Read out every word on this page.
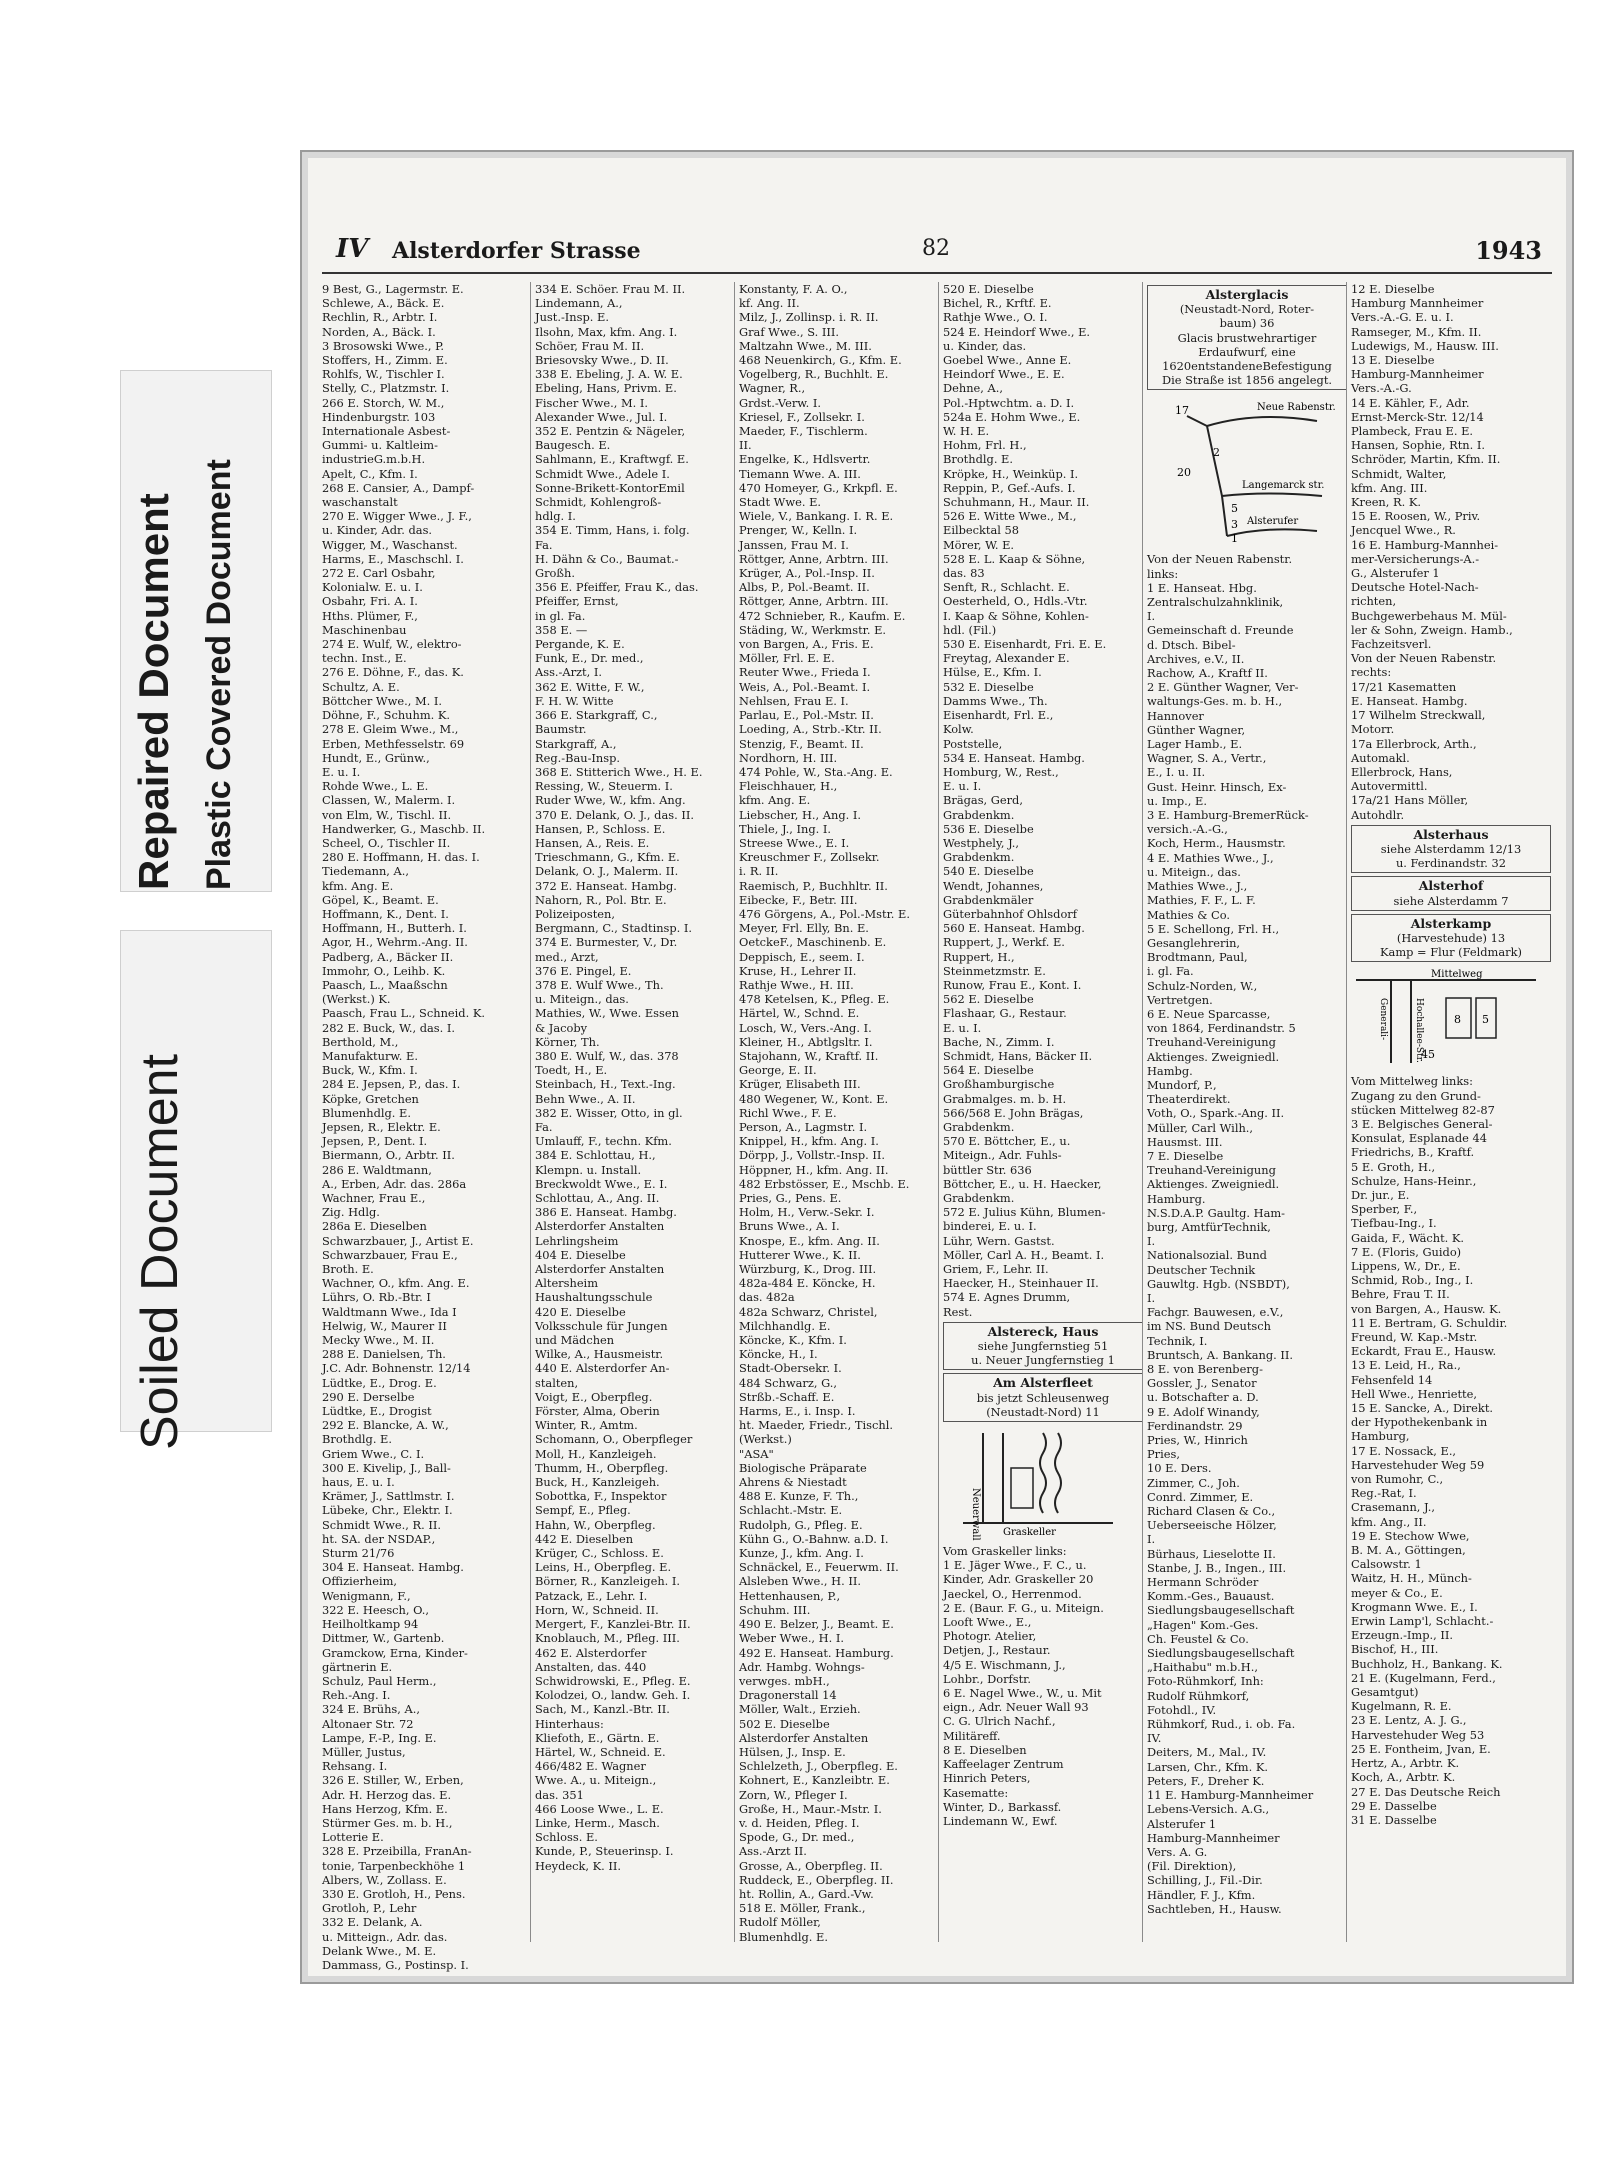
Repaired Document Plastic Covered Document
Soiled Document
IV Alsterdorfer Strasse	82	1943
9 Best, G., Lagermstr. E.
Schlewe, A., Bäck. E.
Rechlin, R., Arbtr. I.
Norden, A., Bäck. I.
3 Brosowski Wwe., P.
Stoffers, H., Zimm. E.
Rohlfs, W., Tischler I.
Stelly, C., Platzmstr. I.
266 E. Storch, W. M.,
Hindenburgstr. 103
Internationale Asbest-
Gummi- u. Kaltleim-
industrieG.m.b.H.
Apelt, C., Kfm. I.
268 E. Cansier, A., Dampf-
waschanstalt
270 E. Wigger Wwe., J. F.,
u. Kinder, Adr. das.
Wigger, M., Waschanst.
Harms, E., Maschschl. I.
272 E. Carl Osbahr,
Kolonialw. E. u. I.
Osbahr, Fri. A. I.
Hths. Plümer, F.,
Maschinenbau
274 E. Wulf, W., elektro-
techn. Inst., E.
276 E. Döhne, F., das. K.
Schultz, A. E.
Böttcher Wwe., M. I.
Döhne, F., Schuhm. K.
278 E. Gleim Wwe., M.,
Erben, Methfesselstr. 69
Hundt, E., Grünw.,
E. u. I.
Rohde Wwe., L. E.
Classen, W., Malerm. I.
von Elm, W., Tischl. II.
Handwerker, G., Maschb. II.
Scheel, O., Tischler II.
280 E. Hoffmann, H. das. I.
Tiedemann, A.,
kfm. Ang. E.
Göpel, K., Beamt. E.
Hoffmann, K., Dent. I.
Hoffmann, H., Butterh. I.
Agor, H., Wehrm.-Ang. II.
Padberg, A., Bäcker II.
Immohr, O., Leihb. K.
Paasch, L., Maaßschn
(Werkst.) K.
Paasch, Frau L., Schneid. K.
282 E. Buck, W., das. I.
Berthold, M.,
Manufakturw. E.
Buck, W., Kfm. I.
284 E. Jepsen, P., das. I.
Köpke, Gretchen
Blumenhdlg. E.
Jepsen, R., Elektr. E.
Jepsen, P., Dent. I.
Biermann, O., Arbtr. II.
286 E. Waldtmann,
A., Erben, Adr. das. 286a
Wachner, Frau E.,
Zig. Hdlg.
286a E. Dieselben
Schwarzbauer, J., Artist E.
Schwarzbauer, Frau E.,
Broth. E.
Wachner, O., kfm. Ang. E.
Lührs, O. Rb.-Btr. I
Waldtmann Wwe., Ida I
Helwig, W., Maurer II
Mecky Wwe., M. II.
288 E. Danielsen, Th.
J.C. Adr. Bohnenstr. 12/14
Lüdtke, E., Drog. E.
290 E. Derselbe
Lüdtke, E., Drogist
292 E. Blancke, A. W.,
Brothdlg. E.
Griem Wwe., C. I.
300 E. Kivelip, J., Ball-
haus, E. u. I.
Krämer, J., Sattlmstr. I.
Lübeke, Chr., Elektr. I.
Schmidt Wwe., R. II.
ht. SA. der NSDAP.,
Sturm 21/76
304 E. Hanseat. Hambg.
Offizierheim,
Wenigmann, F.,
322 E. Heesch, O.,
Heilholtkamp 94
Dittmer, W., Gartenb.
Gramckow, Erna, Kinder-
gärtnerin E.
Schulz, Paul Herm.,
Reh.-Ang. I.
324 E. Brühs, A.,
Altonaer Str. 72
Lampe, F.-P., Ing. E.
Müller, Justus,
Rehsang. I.
326 E. Stiller, W., Erben,
Adr. H. Herzog das. E.
Hans Herzog, Kfm. E.
Stürmer Ges. m. b. H.,
Lotterie E.
328 E. Przeibilla, FranAn-
tonie, Tarpenbeckhöhe 1
Albers, W., Zollass. E.
330 E. Grotloh, H., Pens.
Grotloh, P., Lehr
332 E. Delank, A.
u. Mitteign., Adr. das.
Delank Wwe., M. E.
Dammass, G., Postinsp. I.
334 E. Schöer. Frau M. II.
Lindemann, A.,
Just.-Insp. E.
Ilsohn, Max, kfm. Ang. I.
Schöer, Frau M. II.
Briesovsky Wwe., D. II.
338 E. Ebeling, J. A. W. E.
Ebeling, Hans, Privm. E.
Fischer Wwe., M. I.
Alexander Wwe., Jul. I.
352 E. Pentzin & Nägeler,
Baugesch. E.
Sahlmann, E., Kraftwgf. E.
Schmidt Wwe., Adele I.
Sonne-Brikett-KontorEmil
Schmidt, Kohlengroß-
hdlg. I.
354 E. Timm, Hans, i. folg.
Fa.
H. Dähn & Co., Baumat.-
Großh.
356 E. Pfeiffer, Frau K., das.
Pfeiffer, Ernst,
in gl. Fa.
358 E. —
Pergande, K. E.
Funk, E., Dr. med.,
Ass.-Arzt, I.
362 E. Witte, F. W.,
F. H. W. Witte
366 E. Starkgraff, C.,
Baumstr.
Starkgraff, A.,
Reg.-Bau-Insp.
368 E. Stitterich Wwe., H. E.
Ressing, W., Steuerm. I.
Ruder Wwe, W., kfm. Ang.
370 E. Delank, O. J., das. II.
Hansen, P., Schloss. E.
Hansen, A., Reis. E.
Trieschmann, G., Kfm. E.
Delank, O. J., Malerm. II.
372 E. Hanseat. Hambg.
Nahorn, R., Pol. Btr. E.
Polizeiposten,
Bergmann, C., Stadtinsp. I.
374 E. Burmester, V., Dr.
med., Arzt,
376 E. Pingel, E.
378 E. Wulf Wwe., Th.
u. Miteign., das.
Mathies, W., Wwe. Essen
& Jacoby
Körner, Th.
380 E. Wulf, W., das. 378
Toedt, H., E.
Steinbach, H., Text.-Ing.
Behn Wwe., A. II.
382 E. Wisser, Otto, in gl.
Fa.
Umlauff, F., techn. Kfm.
384 E. Schlottau, H.,
Klempn. u. Install.
Breckwoldt Wwe., E. I.
Schlottau, A., Ang. II.
386 E. Hanseat. Hambg.
Alsterdorfer Anstalten
Lehrlingsheim
404 E. Dieselbe
Alsterdorfer Anstalten
Altersheim
Haushaltungsschule
420 E. Dieselbe
Volksschule für Jungen
und Mädchen
Wilke, A., Hausmeistr.
440 E. Alsterdorfer An-
stalten,
Voigt, E., Oberpfleg.
Förster, Alma, Oberin
Winter, R., Amtm.
Schomann, O., Oberpfleger
Moll, H., Kanzleigeh.
Thumm, H., Oberpfleg.
Buck, H., Kanzleigeh.
Sobottka, F., Inspektor
Sempf, E., Pfleg.
Hahn, W., Oberpfleg.
442 E. Dieselben
Krüger, C., Schloss. E.
Leins, H., Oberpfleg. E.
Börner, R., Kanzleigeh. I.
Patzack, E., Lehr. I.
Horn, W., Schneid. II.
Mergert, F., Kanzlei-Btr. II.
Knoblauch, M., Pfleg. III.
462 E. Alsterdorfer
Anstalten, das. 440
Schwidrowski, E., Pfleg. E.
Kolodzei, O., landw. Geh. I.
Sach, M., Kanzl.-Btr. II.
Hinterhaus:
Kliefoth, E., Gärtn. E.
Härtel, W., Schneid. E.
466/482 E. Wagner
Wwe. A., u. Miteign.,
das. 351
466 Loose Wwe., L. E.
Linke, Herm., Masch.
Schloss. E.
Kunde, P., Steuerinsp. I.
Heydeck, K. II.
Konstanty, F. A. O.,
kf. Ang. II.
Milz, J., Zollinsp. i. R. II.
Graf Wwe., S. III.
Maltzahn Wwe., M. III.
468 Neuenkirch, G., Kfm. E.
Vogelberg, R., Buchhlt. E.
Wagner, R.,
Grdst.-Verw. I.
Kriesel, F., Zollsekr. I.
Maeder, F., Tischlerm.
II.
Engelke, K., Hdlsvertr.
Tiemann Wwe. A. III.
470 Homeyer, G., Krkpfl. E.
Stadt Wwe. E.
Wiele, V., Bankang. I. R. E.
Prenger, W., Kelln. I.
Janssen, Frau M. I.
Röttger, Anne, Arbtrn. III.
Krüger, A., Pol.-Insp. II.
Albs, P., Pol.-Beamt. II.
Röttger, Anne, Arbtrn. III.
472 Schnieber, R., Kaufm. E.
Städing, W., Werkmstr. E.
von Bargen, A., Fris. E.
Möller, Frl. E. E.
Reuter Wwe., Frieda I.
Weis, A., Pol.-Beamt. I.
Nehlsen, Frau E. I.
Parlau, E., Pol.-Mstr. II.
Loeding, A., Strb.-Ktr. II.
Stenzig, F., Beamt. II.
Nordhorn, H. III.
474 Pohle, W., Sta.-Ang. E.
Fleischhauer, H.,
kfm. Ang. E.
Liebscher, H., Ang. I.
Thiele, J., Ing. I.
Streese Wwe., E. I.
Kreuschmer F., Zollsekr.
i. R. II.
Raemisch, P., Buchhltr. II.
Eibecke, F., Betr. III.
476 Görgens, A., Pol.-Mstr. E.
Meyer, Frl. Elly, Bn. E.
OetckeF., Maschinenb. E.
Deppisch, E., seem. I.
Kruse, H., Lehrer II.
Rathje Wwe., H. III.
478 Ketelsen, K., Pfleg. E.
Härtel, W., Schnd. E.
Losch, W., Vers.-Ang. I.
Kleiner, H., Abtlgsltr. I.
Stajohann, W., Kraftf. II.
George, E. II.
Krüger, Elisabeth III.
480 Wegener, W., Kont. E.
Richl Wwe., F. E.
Person, A., Lagmstr. I.
Knippel, H., kfm. Ang. I.
Dörpp, J., Vollstr.-Insp. II.
Höppner, H., kfm. Ang. II.
482 Erbstösser, E., Mschb. E.
Pries, G., Pens. E.
Holm, H., Verw.-Sekr. I.
Bruns Wwe., A. I.
Knospe, E., kfm. Ang. II.
Hutterer Wwe., K. II.
Würzburg, K., Drog. III.
482a-484 E. Köncke, H.
das. 482a
482a Schwarz, Christel,
Milchhandlg. E.
Köncke, K., Kfm. I.
Köncke, H., I.
Stadt-Obersekr. I.
484 Schwarz, G.,
Strßb.-Schaff. E.
Harms, E., i. Insp. I.
ht. Maeder, Friedr., Tischl.
(Werkst.)
"ASA"
Biologische Präparate
Ahrens & Niestadt
488 E. Kunze, F. Th.,
Schlacht.-Mstr. E.
Rudolph, G., Pfleg. E.
Kühn G., O.-Bahnw. a.D. I.
Kunze, J., kfm. Ang. I.
Schnäckel, E., Feuerwm. II.
Alsleben Wwe., H. II.
Hettenhausen, P.,
Schuhm. III.
490 E. Belzer, J., Beamt. E.
Weber Wwe., H. I.
492 E. Hanseat. Hamburg.
Adr. Hambg. Wohngs-
verwges. mbH.,
Dragonerstall 14
Möller, Walt., Erzieh.
502 E. Dieselbe
Alsterdorfer Anstalten
Hülsen, J., Insp. E.
Schlelzeth, J., Oberpfleg. E.
Kohnert, E., Kanzleibtr. E.
Zorn, W., Pfleger I.
Große, H., Maur.-Mstr. I.
v. d. Heiden, Pfleg. I.
Spode, G., Dr. med.,
Ass.-Arzt II.
Grosse, A., Oberpfleg. II.
Ruddeck, E., Oberpfleg. II.
ht. Rollin, A., Gard.-Vw.
518 E. Möller, Frank.,
Rudolf Möller,
Blumenhdlg. E.
520 E. Dieselbe
Bichel, R., Krftf. E.
Rathje Wwe., O. I.
524 E. Heindorf Wwe., E.
u. Kinder, das.
Goebel Wwe., Anne E.
Heindorf Wwe., E. E.
Dehne, A.,
Pol.-Hptwchtm. a. D. I.
524a E. Hohm Wwe., E.
W. H. E.
Hohm, Frl. H.,
Brothdlg. E.
Kröpke, H., Weinküp. I.
Reppin, P., Gef.-Aufs. I.
Schuhmann, H., Maur. II.
526 E. Witte Wwe., M.,
Eilbecktal 58
Mörer, W. E.
528 E. L. Kaap & Söhne,
das. 83
Senft, R., Schlacht. E.
Oesterheld, O., Hdls.-Vtr.
I. Kaap & Söhne, Kohlen-
hdl. (Fil.)
530 E. Eisenhardt, Fri. E. E.
Freytag, Alexander E.
Hülse, E., Kfm. I.
532 E. Dieselbe
Damms Wwe., Th.
Eisenhardt, Frl. E.,
Kolw.
Poststelle,
534 E. Hanseat. Hambg.
Homburg, W., Rest.,
E. u. I.
Brägas, Gerd,
Grabdenkm.
536 E. Dieselbe
Westphely, J.,
Grabdenkm.
540 E. Dieselbe
Wendt, Johannes,
Grabdenkmäler
Güterbahnhof Ohlsdorf
560 E. Hanseat. Hambg.
Ruppert, J., Werkf. E.
Ruppert, H.,
Steinmetzmstr. E.
Runow, Frau E., Kont. I.
562 E. Dieselbe
Flashaar, G., Restaur.
E. u. I.
Bache, N., Zimm. I.
Schmidt, Hans, Bäcker II.
564 E. Dieselbe
Großhamburgische
Grabmalges. m. b. H.
566/568 E. John Brägas,
Grabdenkm.
570 E. Böttcher, E., u.
Miteign., Adr. Fuhls-
büttler Str. 636
Böttcher, E., u. H. Haecker,
Grabdenkm.
572 E. Julius Kühn, Blumen-
binderei, E. u. I.
Lühr, Wern. Gastst.
Möller, Carl A. H., Beamt. I.
Griem, F., Lehr. II.
Haecker, H., Steinhauer II.
574 E. Agnes Drumm,
Rest.
Alstereck, Haus
siehe Jungfernstieg 51
u. Neuer Jungfernstieg 1
Am Alsterfleet
bis jetzt Schleusenweg
(Neustadt-Nord) 11
Neuerwall Graskeller
Vom Graskeller links:
1 E. Jäger Wwe., F. C., u.
Kinder, Adr. Graskeller 20
Jaeckel, O., Herrenmod.
2 E. (Baur. F. G., u. Miteign.
Looft Wwe., E.,
Photogr. Atelier,
Detjen, J., Restaur.
4/5 E. Wischmann, J.,
Lohbr., Dorfstr.
6 E. Nagel Wwe., W., u. Mit
eign., Adr. Neuer Wall 93
C. G. Ulrich Nachf.,
Militäreff.
8 E. Dieselben
Kaffeelager Zentrum
Hinrich Peters,
Kasematte:
Winter, D., Barkassf.
Lindemann W., Ewf.
Alsterglacis
(Neustadt-Nord, Roter-
baum) 36
Glacis brustwehrartiger
Erdaufwurf, eine
1620entstandeneBefestigung
Die Straße ist 1856 angelegt.
Neue Rabenstr.
Langemarck str.
Alsterufer
17
20
2
5
3
1
Von der Neuen Rabenstr.
links:
1 E. Hanseat. Hbg.
Zentralschulzahnklinik,
I.
Gemeinschaft d. Freunde
d. Dtsch. Bibel-
Archives, e.V., II.
Rachow, A., Kraftf II.
2 E. Günther Wagner, Ver-
waltungs-Ges. m. b. H.,
Hannover
Günther Wagner,
Lager Hamb., E.
Wagner, S. A., Vertr.,
E., I. u. II.
Gust. Heinr. Hinsch, Ex-
u. Imp., E.
3 E. Hamburg-BremerRück-
versich.-A.-G.,
Koch, Herm., Hausmstr.
4 E. Mathies Wwe., J.,
u. Miteign., das.
Mathies Wwe., J.,
Mathies, F. F., L. F.
Mathies & Co.
5 E. Schellong, Frl. H.,
Gesanglehrerin,
Brodtmann, Paul,
i. gl. Fa.
Schulz-Norden, W.,
Vertretgen.
6 E. Neue Sparcasse,
von 1864, Ferdinandstr. 5
Treuhand-Vereinigung
Aktienges. Zweigniedl.
Hambg.
Mundorf, P.,
Theaterdirekt.
Voth, O., Spark.-Ang. II.
Müller, Carl Wilh.,
Hausmst. III.
7 E. Dieselbe
Treuhand-Vereinigung
Aktienges. Zweigniedl.
Hamburg.
N.S.D.A.P. Gaultg. Ham-
burg, AmtfürTechnik,
I.
Nationalsozial. Bund
Deutscher Technik
Gauwltg. Hgb. (NSBDT),
I.
Fachgr. Bauwesen, e.V.,
im NS. Bund Deutsch
Technik, I.
Bruntsch, A. Bankang. II.
8 E. von Berenberg-
Gossler, J., Senator
u. Botschafter a. D.
9 E. Adolf Winandy,
Ferdinandstr. 29
Pries, W., Hinrich
Pries,
10 E. Ders.
Zimmer, C., Joh.
Conrd. Zimmer, E.
Richard Clasen & Co.,
Ueberseeische Hölzer,
I.
Bürhaus, Lieselotte II.
Stanbe, J. B., Ingen., III.
Hermann Schröder
Komm.-Ges., Bauaust.
Siedlungsbaugesellschaft
„Hagen" Kom.-Ges.
Ch. Feustel & Co.
Siedlungsbaugesellschaft
„Haithabu" m.b.H.,
Foto-Rühmkorf, Inh:
Rudolf Rühmkorf,
Fotohdl., IV.
Rühmkorf, Rud., i. ob. Fa.
IV.
Deiters, M., Mal., IV.
Larsen, Chr., Kfm. K.
Peters, F., Dreher K.
11 E. Hamburg-Mannheimer
Lebens-Versich. A.G.,
Alsterufer 1
Hamburg-Mannheimer
Vers. A. G.
(Fil. Direktion),
Schilling, J., Fil.-Dir.
Händler, F. J., Kfm.
Sachtleben, H., Hausw.
12 E. Dieselbe
Hamburg Mannheimer
Vers.-A.-G. E. u. I.
Ramseger, M., Kfm. II.
Ludewigs, M., Hausw. III.
13 E. Dieselbe
Hamburg-Mannheimer
Vers.-A.-G.
14 E. Kähler, F., Adr.
Ernst-Merck-Str. 12/14
Plambeck, Frau E. E.
Hansen, Sophie, Rtn. I.
Schröder, Martin, Kfm. II.
Schmidt, Walter,
kfm. Ang. III.
Kreen, R. K.
15 E. Roosen, W., Priv.
Jencquel Wwe., R.
16 E. Hamburg-Mannhei-
mer-Versicherungs-A.-
G., Alsterufer 1
Deutsche Hotel-Nach-
richten,
Buchgewerbehaus M. Mül-
ler & Sohn, Zweign. Hamb.,
Fachzeitsverl.
Von der Neuen Rabenstr.
rechts:
17/21 Kasematten
E. Hanseat. Hambg.
17 Wilhelm Streckwall,
Motorr.
17a Ellerbrock, Arth.,
Automakl.
Ellerbrock, Hans,
Autovermittl.
17a/21 Hans Möller,
Autohdlr.
Alsterhaus
siehe Alsterdamm 12/13
u. Ferdinandstr. 32
Alsterhof
siehe Alsterdamm 7
Alsterkamp
(Harvestehude) 13
Kamp = Flur (Feldmark)
Mittelweg
Generali-	Hochallee-Str.	8 5
45
Vom Mittelweg links:
Zugang zu den Grund-
stücken Mittelweg 82-87
3 E. Belgisches General-
Konsulat, Esplanade 44
Friedrichs, B., Kraftf.
5 E. Groth, H.,
Schulze, Hans-Heinr.,
Dr. jur., E.
Sperber, F.,
Tiefbau-Ing., I.
Gaida, F., Wächt. K.
7 E. (Floris, Guido)
Lippens, W., Dr., E.
Schmid, Rob., Ing., I.
Behre, Frau T. II.
von Bargen, A., Hausw. K.
11 E. Bertram, G. Schuldir.
Freund, W. Kap.-Mstr.
Eckardt, Frau E., Hausw.
13 E. Leid, H., Ra.,
Fehsenfeld 14
Hell Wwe., Henriette,
15 E. Sancke, A., Direkt.
der Hypothekenbank in
Hamburg,
17 E. Nossack, E.,
Harvestehuder Weg 59
von Rumohr, C.,
Reg.-Rat, I.
Crasemann, J.,
kfm. Ang., II.
19 E. Stechow Wwe,
B. M. A., Göttingen,
Calsowstr. 1
Waitz, H. H., Münch-
meyer & Co., E.
Krogmann Wwe. E., I.
Erwin Lamp'l, Schlacht.-
Erzeugn.-Imp., II.
Bischof, H., III.
Buchholz, H., Bankang. K.
21 E. (Kugelmann, Ferd.,
Gesamtgut)
Kugelmann, R. E.
23 E. Lentz, A. J. G.,
Harvestehuder Weg 53
25 E. Fontheim, Jvan, E.
Hertz, A., Arbtr. K.
Koch, A., Arbtr. K.
27 E. Das Deutsche Reich
29 E. Dasselbe
31 E. Dasselbe
